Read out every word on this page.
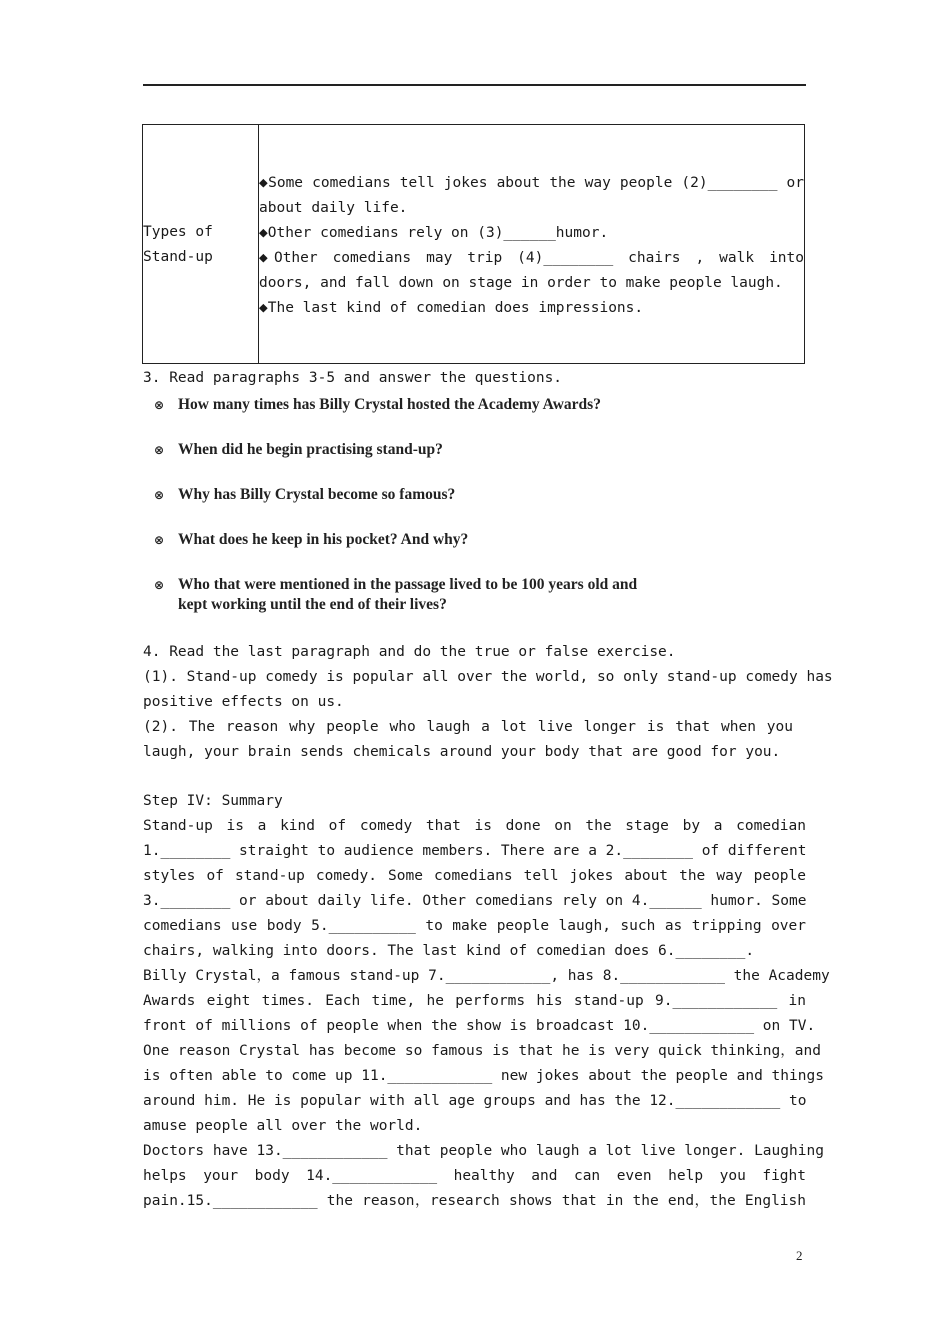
Types of
Stand-up
◆Some comedians tell jokes about the way people (2)________ or
about daily life.
◆Other comedians rely on (3)______humor.
◆Other comedians may trip (4)________ chairs , walk into
doors, and fall down on stage in order to make people laugh.
◆The last kind of comedian does impressions.
3. Read paragraphs 3-5 and answer the questions.
⊗ How many times has Billy Crystal hosted the Academy Awards?
⊗ When did he begin practising stand-up?
⊗ Why has Billy Crystal become so famous?
⊗ What does he keep in his pocket? And why?
⊗ Who that were mentioned in the passage lived to be 100 years old and
kept working until the end of their lives?
4. Read the last paragraph and do the true or false exercise.
(1). Stand-up comedy is popular all over the world, so only stand-up comedy has
positive effects on us.
(2). The reason why people who laugh a lot live longer is that when you
laugh, your brain sends chemicals around your body that are good for you.
Step IV: Summary
Stand-up is a kind of comedy that is done on the stage by a comedian
1.________ straight to audience members. There are a 2.________ of different
styles of stand-up comedy. Some comedians tell jokes about the way people
3.________ or about daily life. Other comedians rely on 4.______ humor. Some
comedians use body 5.__________ to make people laugh, such as tripping over
chairs, walking into doors. The last kind of comedian does 6.________.
Billy Crystal，a famous stand-up 7.____________, has 8.____________ the Academy
Awards eight times. Each time, he performs his stand-up 9.____________ in
front of millions of people when the show is broadcast 10.____________ on TV.
One reason Crystal has become so famous is that he is very quick thinking，and
is often able to come up 11.____________ new jokes about the people and things
around him. He is popular with all age groups and has the 12.____________ to
amuse people all over the world.
Doctors have 13.____________ that people who laugh a lot live longer. Laughing
helps your body 14.____________ healthy and can even help you fight
pain.15.____________ the reason，research shows that in the end，the English
2
